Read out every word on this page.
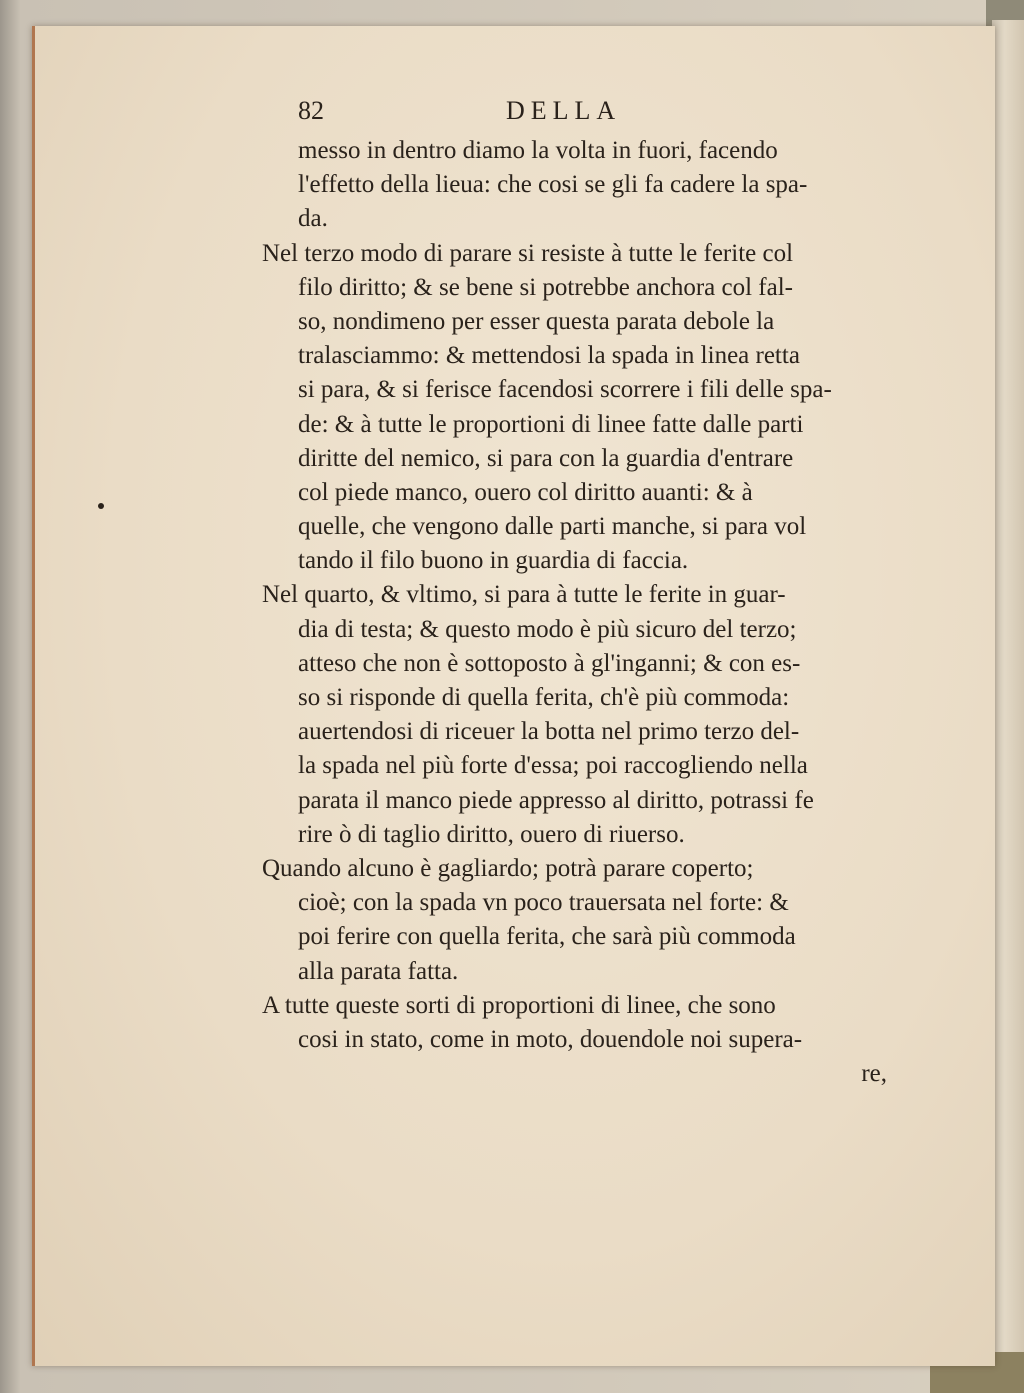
82	DELLA
messo in dentro diamo la volta in fuori, facendo
l'effetto della lieua: che cosi se gli fa cadere la spa-
da.
Nel terzo modo di parare si resiste à tutte le ferite col
filo diritto; & se bene si potrebbe anchora col fal-
so, nondimeno per esser questa parata debole la
tralasciammo: & mettendosi la spada in linea retta
si para, & si ferisce facendosi scorrere i fili delle spa-
de: & à tutte le proportioni di linee fatte dalle parti
diritte del nemico, si para con la guardia d'entrare
col piede manco, ouero col diritto auanti: & à
quelle, che vengono dalle parti manche, si para vol
tando il filo buono in guardia di faccia.
Nel quarto, & vltimo, si para à tutte le ferite in guar-
dia di testa; & questo modo è più sicuro del terzo;
atteso che non è sottoposto à gl'inganni; & con es-
so si risponde di quella ferita, ch'è più commoda:
auertendosi di riceuer la botta nel primo terzo del-
la spada nel più forte d'essa; poi raccogliendo nella
parata il manco piede appresso al diritto, potrassi fe
rire ò di taglio diritto, ouero di riuerso.
Quando alcuno è gagliardo; potrà parare coperto;
cioè; con la spada vn poco trauersata nel forte: &
poi ferire con quella ferita, che sarà più commoda
alla parata fatta.
A tutte queste sorti di proportioni di linee, che sono
cosi in stato, come in moto, douendole noi supera-
re,
